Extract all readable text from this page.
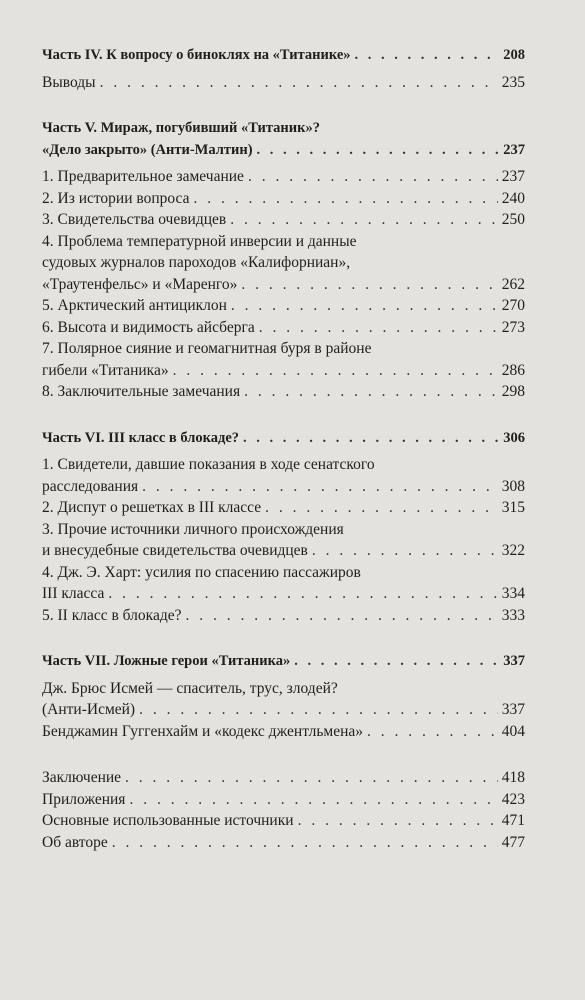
Часть IV. К вопросу о биноклях на «Титанике» . . .	208
Выводы . . .	235
Часть V. Мираж, погубивший «Титаник»?
«Дело закрыто» (Анти-Малтин) . . .	237
1. Предварительное замечание . . .	237
2. Из истории вопроса . . .	240
3. Свидетельства очевидцев . . .	250
4. Проблема температурной инверсии и данные
судовых журналов пароходов «Калифорниан»,
«Траутенфельс» и «Маренго» . . .	262
5. Арктический антициклон . . .	270
6. Высота и видимость айсберга . . .	273
7. Полярное сияние и геомагнитная буря в районе
гибели «Титаника» . . .	286
8. Заключительные замечания . . .	298
Часть VI. III класс в блокаде? . . .	306
1. Свидетели, давшие показания в ходе сенатского
расследования . . .	308
2. Диспут о решетках в III классе . . .	315
3. Прочие источники личного происхождения
и внесудебные свидетельства очевидцев . . .	322
4. Дж. Э. Харт: усилия по спасению пассажиров
III класса . . .	334
5. II класс в блокаде? . . .	333
Часть VII. Ложные герои «Титаника» . . .	337
Дж. Брюс Исмей — спаситель, трус, злодей?
(Анти-Исмей) . . .	337
Бенджамин Гуггенхайм и «кодекс джентльмена» . . .	404
Заключение . . .	418
Приложения . . .	423
Основные использованные источники . . .	471
Об авторе . . .	477
